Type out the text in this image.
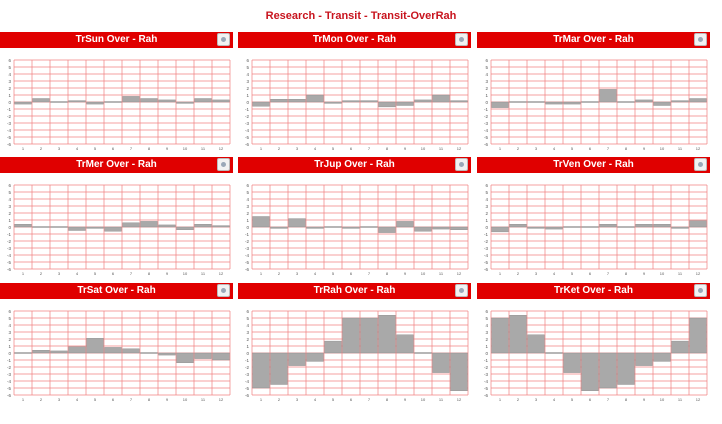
Research - Transit - Transit-OverRah
TrSun Over - Rah
-6
-5
-4
-3
-2
-1
0
1
2
3
4
5
6
1	2	3	4	5	6	7	8	9	10	11	12
TrMon Over - Rah
-6
-5
-4
-3
-2
-1
0
1
2
3
4
5
6
1	2	3	4	5	6	7	8	9	10	11	12
TrMar Over - Rah
-6
-5
-4
-3
-2
-1
0
1
2
3
4
5
6
1	2	3	4	5	6	7	8	9	10	11	12
TrMer Over - Rah
-6
-5
-4
-3
-2
-1
0
1
2
3
4
5
6
1	2	3	4	5	6	7	8	9	10	11	12
TrJup Over - Rah
-6
-5
-4
-3
-2
-1
0
1
2
3
4
5
6
1	2	3	4	5	6	7	8	9	10	11	12
TrVen Over - Rah
-6
-5
-4
-3
-2
-1
0
1
2
3
4
5
6
1	2	3	4	5	6	7	8	9	10	11	12
TrSat Over - Rah
-6
-5
-4
-3
-2
-1
0
1
2
3
4
5
6
1	2	3	4	5	6	7	8	9	10	11	12
TrRah Over - Rah
-6
-5
-4
-3
-2
-1
0
1
2
3
4
5
6
1	2	3	4	5	6	7	8	9	10	11	12
TrKet Over - Rah
-6
-5
-4
-3
-2
-1
0
1
2
3
4
5
6
1	2	3	4	5	6	7	8	9	10	11	12
